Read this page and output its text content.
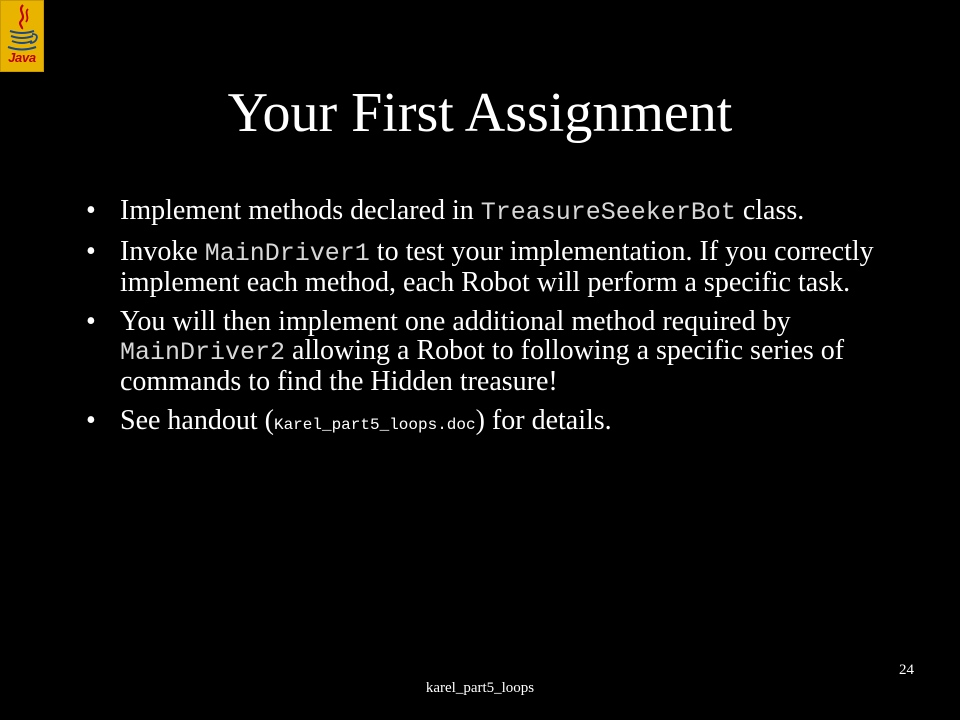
Java
Your First Assignment
• Implement methods declared in TreasureSeekerBot class.
• Invoke MainDriver1 to test your implementation. If you correctly implement each method, each Robot will perform a specific task.
• You will then implement one additional method required by MainDriver2 allowing a Robot to following a specific series of commands to find the Hidden treasure!
• See handout (Karel_part5_loops.doc) for details.
karel_part5_loops
24
